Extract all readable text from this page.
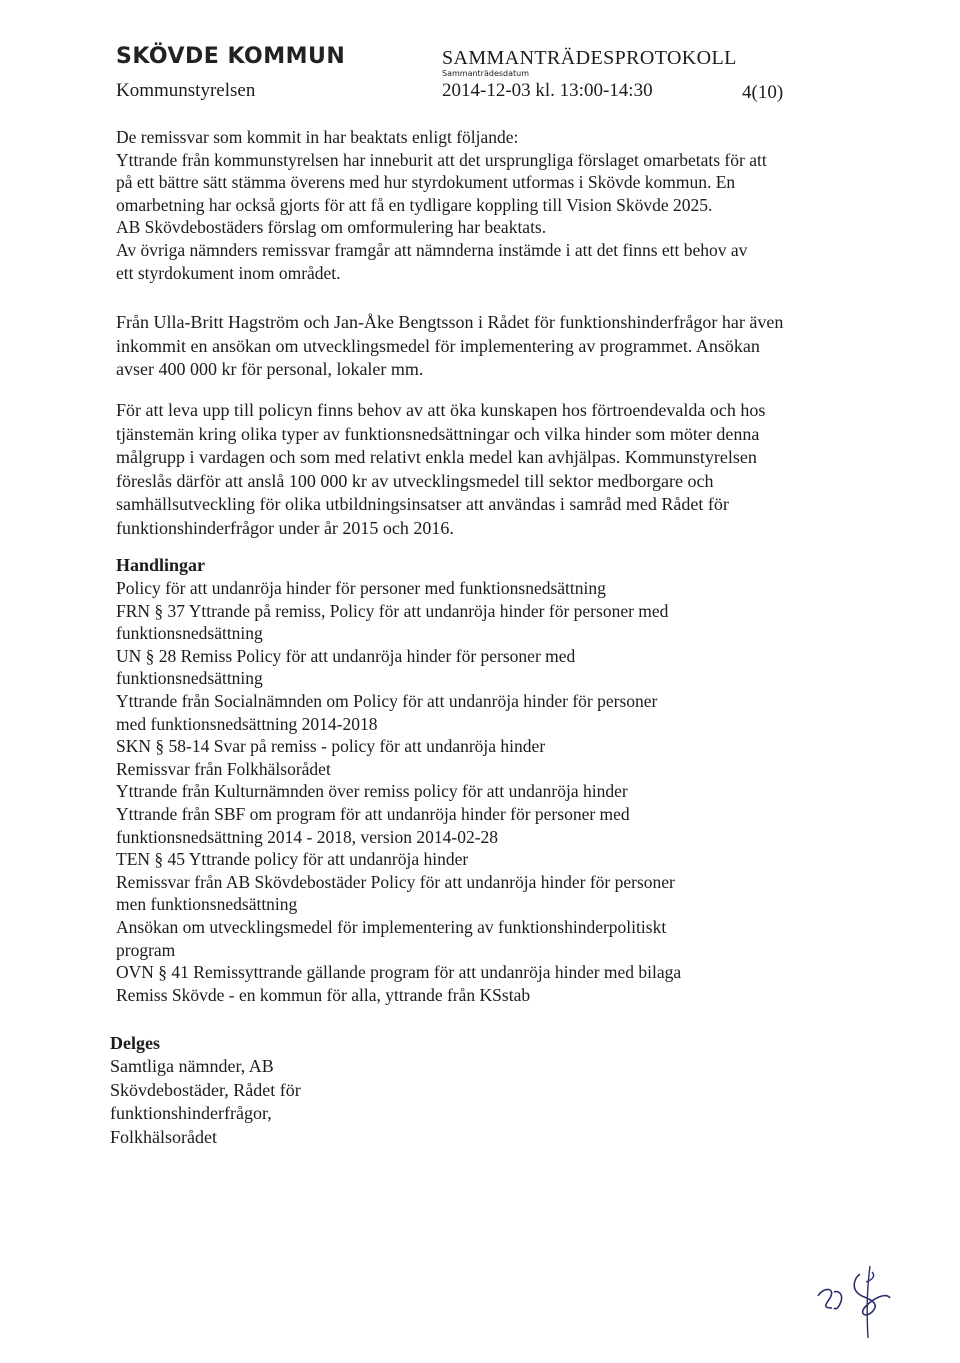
SKÖVDE KOMMUN
Kommunstyrelsen
SAMMANTRÄDESPROTOKOLL
Sammanträdesdatum
2014-12-03 kl. 13:00-14:30	4(10)

De remissvar som kommit in har beaktats enligt följande:

Yttrande från kommunstyrelsen har inneburit att det ursprungliga förslaget omarbetats för att

på ett bättre sätt stämma överens med hur styrdokument utformas i Skövde kommun. En

omarbetning har också gjorts för att få en tydligare koppling till Vision Skövde 2025.

AB Skövdebostäders förslag om omformulering har beaktats.

Av övriga nämnders remissvar framgår att nämnderna instämde i att det finns ett behov av

ett styrdokument inom området.

Från Ulla-Britt Hagström och Jan-Åke Bengtsson i Rådet för funktionshinderfrågor har även

inkommit en ansökan om utvecklingsmedel för implementering av programmet. Ansökan

avser 400 000 kr för personal, lokaler mm.

För att leva upp till policyn finns behov av att öka kunskapen hos förtroendevalda och hos

tjänstemän kring olika typer av funktionsnedsättningar och vilka hinder som möter denna

målgrupp i vardagen och som med relativt enkla medel kan avhjälpas. Kommunstyrelsen

föreslås därför att anslå 100 000 kr av utvecklingsmedel till sektor medborgare och

samhällsutveckling för olika utbildningsinsatser att användas i samråd med Rådet för

funktionshinderfrågor under år 2015 och 2016.

Handlingar
Policy för att undanröja hinder för personer med funktionsnedsättning
FRN § 37 Yttrande på remiss, Policy för att undanröja hinder för personer med
funktionsnedsättning
UN § 28 Remiss Policy för att undanröja hinder för personer med
funktionsnedsättning
Yttrande från Socialnämnden om Policy för att undanröja hinder för personer
med funktionsnedsättning 2014-2018
SKN § 58-14 Svar på remiss - policy för att undanröja hinder
Remissvar från Folkhälsorådet
Yttrande från Kulturnämnden över remiss policy för att undanröja hinder
Yttrande från SBF om program för att undanröja hinder för personer med
funktionsnedsättning 2014 - 2018, version 2014-02-28
TEN § 45 Yttrande policy för att undanröja hinder
Remissvar från AB Skövdebostäder Policy för att undanröja hinder för personer
men funktionsnedsättning
Ansökan om utvecklingsmedel för implementering av funktionshinderpolitiskt
program
OVN § 41 Remissyttrande gällande program för att undanröja hinder med bilaga
Remiss Skövde - en kommun för alla, yttrande från KSstab
Delges
Samtliga nämnder, AB
Skövdebostäder, Rådet för
funktionshinderfrågor,
Folkhälsorådet
